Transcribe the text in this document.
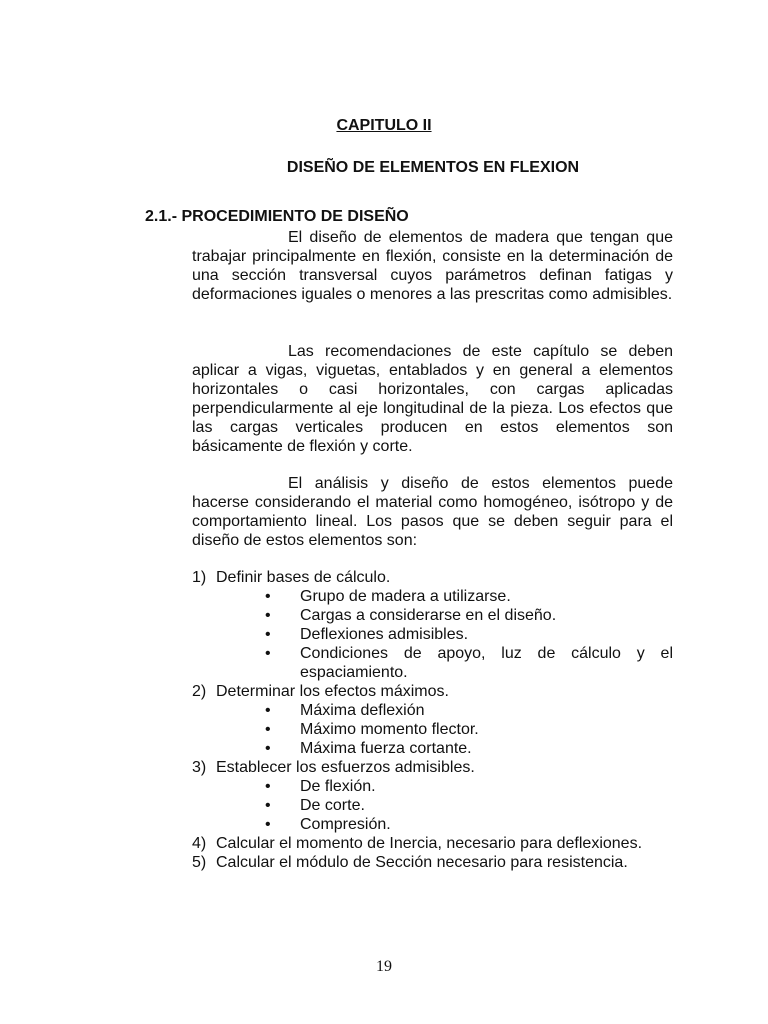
CAPITULO II
DISEÑO DE ELEMENTOS EN FLEXION
2.1.- PROCEDIMIENTO DE DISEÑO
El diseño de elementos de madera que tengan que trabajar principalmente en flexión, consiste en la determinación de una sección transversal cuyos parámetros definan fatigas y deformaciones iguales o menores a las prescritas como admisibles.
Las recomendaciones de este capítulo se deben aplicar a vigas, viguetas, entablados y en general a elementos horizontales o casi horizontales, con cargas aplicadas perpendicularmente al eje longitudinal de la pieza. Los efectos que las cargas verticales producen en estos elementos son básicamente de flexión y corte.
El análisis y diseño de estos elementos puede hacerse considerando el material como homogéneo, isótropo y de comportamiento lineal. Los pasos que se deben seguir para el diseño de estos elementos son:
1) Definir bases de cálculo.
• Grupo de madera a utilizarse.
• Cargas a considerarse en el diseño.
• Deflexiones admisibles.
• Condiciones de apoyo, luz de cálculo y el espaciamiento.
2) Determinar los efectos máximos.
• Máxima deflexión
• Máximo momento flector.
• Máxima fuerza cortante.
3) Establecer los esfuerzos admisibles.
• De flexión.
• De corte.
• Compresión.
4) Calcular el momento de Inercia, necesario para deflexiones.
5) Calcular el módulo de Sección necesario para resistencia.
19
